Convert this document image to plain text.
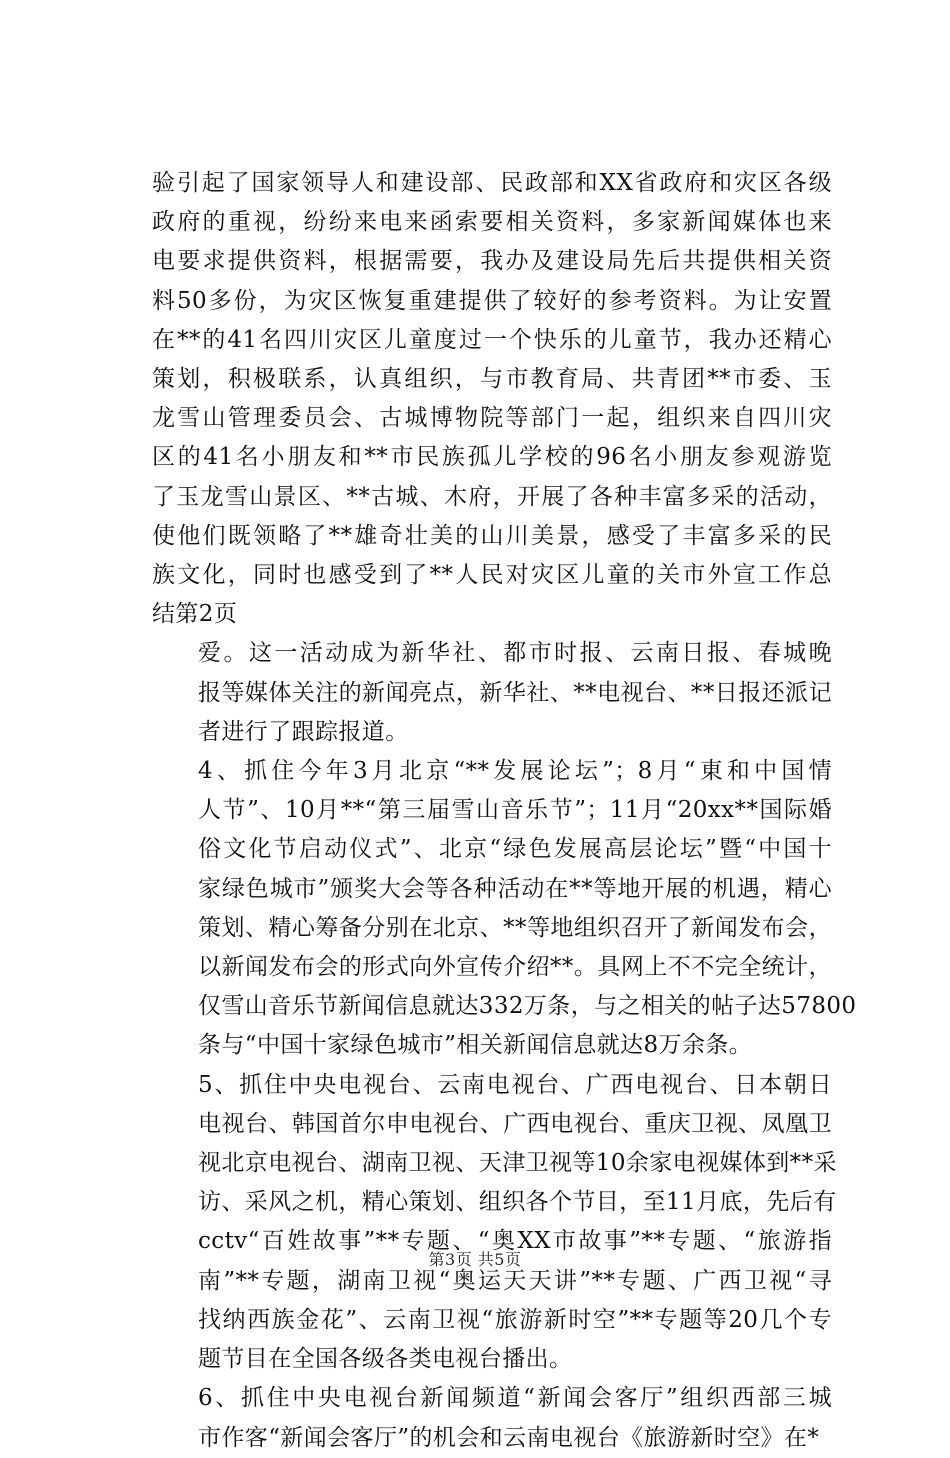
验引起了国家领导人和建设部、民政部和XX省政府和灾区各级
政府的重视，纷纷来电来函索要相关资料，多家新闻媒体也来
电要求提供资料，根据需要，我办及建设局先后共提供相关资
料50多份，为灾区恢复重建提供了较好的参考资料。为让安置
在**的41名四川灾区儿童度过一个快乐的儿童节，我办还精心
策划，积极联系，认真组织，与市教育局、共青团**市委、玉
龙雪山管理委员会、古城博物院等部门一起，组织来自四川灾
区的41名小朋友和**市民族孤儿学校的96名小朋友参观游览
了玉龙雪山景区、**古城、木府，开展了各种丰富多采的活动，
使他们既领略了**雄奇壮美的山川美景，感受了丰富多采的民
族文化，同时也感受到了**人民对灾区儿童的关市外宣工作总
结第2页

爱。这一活动成为新华社、都市时报、云南日报、春城晚
报等媒体关注的新闻亮点，新华社、**电视台、**日报还派记
者进行了跟踪报道。

4、抓住今年3月北京“**发展论坛”；8月“東和中国情
人节”、10月**“第三届雪山音乐节”；11月“20xx**国际婚
俗文化节启动仪式”、北京“绿色发展高层论坛”暨“中国十
家绿色城市”颁奖大会等各种活动在**等地开展的机遇，精心
策划、精心筹备分别在北京、**等地组织召开了新闻发布会，
以新闻发布会的形式向外宣传介绍**。具网上不不完全统计，
仅雪山音乐节新闻信息就达332万条，与之相关的帖子达57800
条与“中国十家绿色城市”相关新闻信息就达8万余条。

5、抓住中央电视台、云南电视台、广西电视台、日本朝日
电视台、韩国首尔申电视台、广西电视台、重庆卫视、凤凰卫
视北京电视台、湖南卫视、天津卫视等10余家电视媒体到**采
访、采风之机，精心策划、组织各个节目，至11月底，先后有
cctv“百姓故事”**专题、“奥XX市故事”**专题、“旅游指
南”**专题，湖南卫视“奥运天天讲”**专题、广西卫视“寻
找纳西族金花”、云南卫视“旅游新时空”**专题等20几个专
题节目在全国各级各类电视台播出。

6、抓住中央电视台新闻频道“新闻会客厅”组织西部三城
市作客“新闻会客厅”的机会和云南电视台《旅游新时空》在*

第3页 共5页
